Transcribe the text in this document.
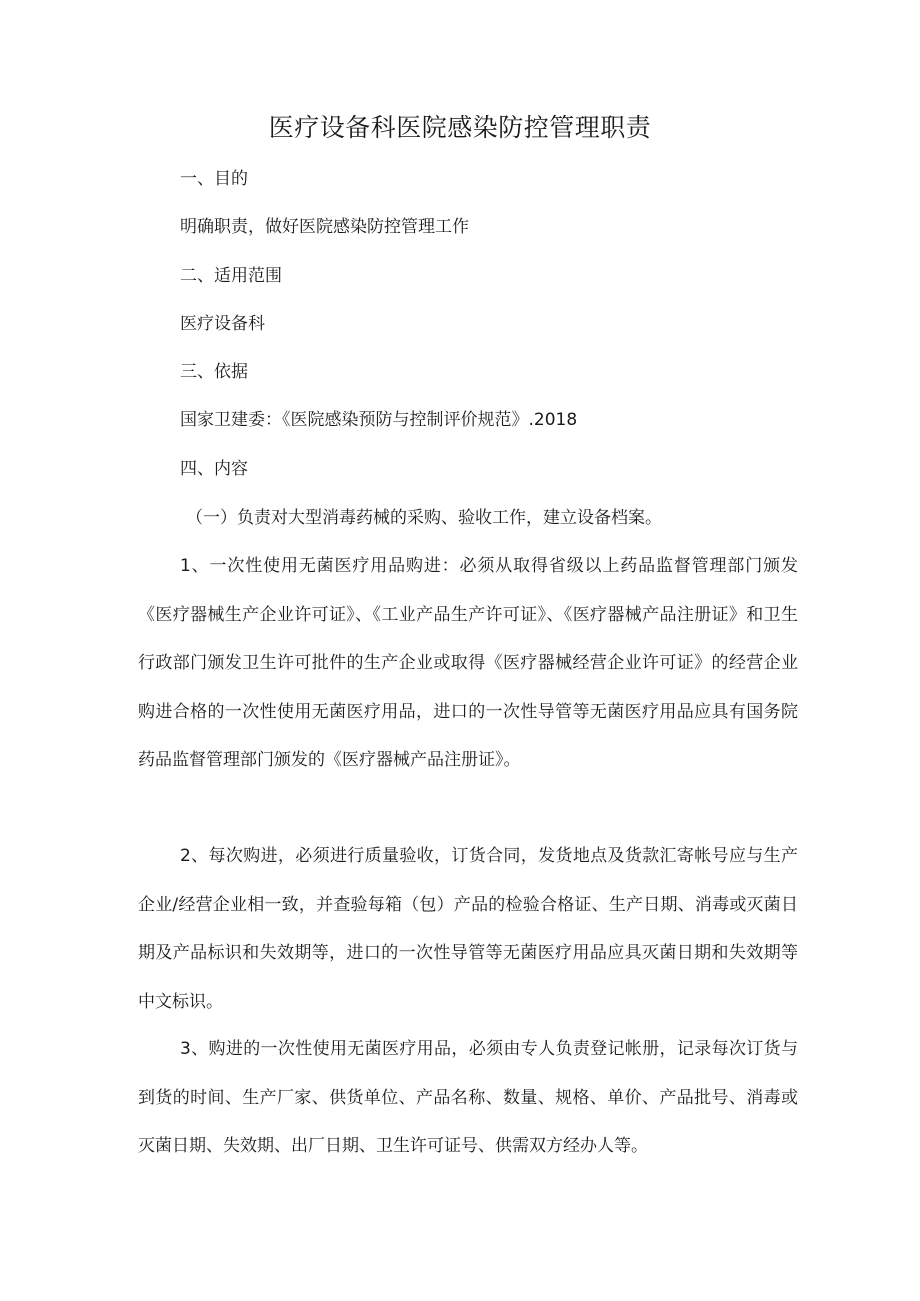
医疗设备科医院感染防控管理职责
一、目的
明确职责，做好医院感染防控管理工作
二、适用范围
医疗设备科
三、依据
国家卫建委：《医院感染预防与控制评价规范》.2018
四、内容
（一）负责对大型消毒药械的采购、验收工作，建立设备档案。
1、一次性使用无菌医疗用品购进：必须从取得省级以上药品监督管理部门颁发《医疗器械生产企业许可证》、《工业产品生产许可证》、《医疗器械产品注册证》和卫生行政部门颁发卫生许可批件的生产企业或取得《医疗器械经营企业许可证》的经营企业购进合格的一次性使用无菌医疗用品，进口的一次性导管等无菌医疗用品应具有国务院药品监督管理部门颁发的《医疗器械产品注册证》。
2、每次购进，必须进行质量验收，订货合同，发货地点及货款汇寄帐号应与生产企业/经营企业相一致，并查验每箱（包）产品的检验合格证、生产日期、消毒或灭菌日期及产品标识和失效期等，进口的一次性导管等无菌医疗用品应具灭菌日期和失效期等中文标识。
3、购进的一次性使用无菌医疗用品，必须由专人负责登记帐册，记录每次订货与到货的时间、生产厂家、供货单位、产品名称、数量、规格、单价、产品批号、消毒或灭菌日期、失效期、出厂日期、卫生许可证号、供需双方经办人等。
